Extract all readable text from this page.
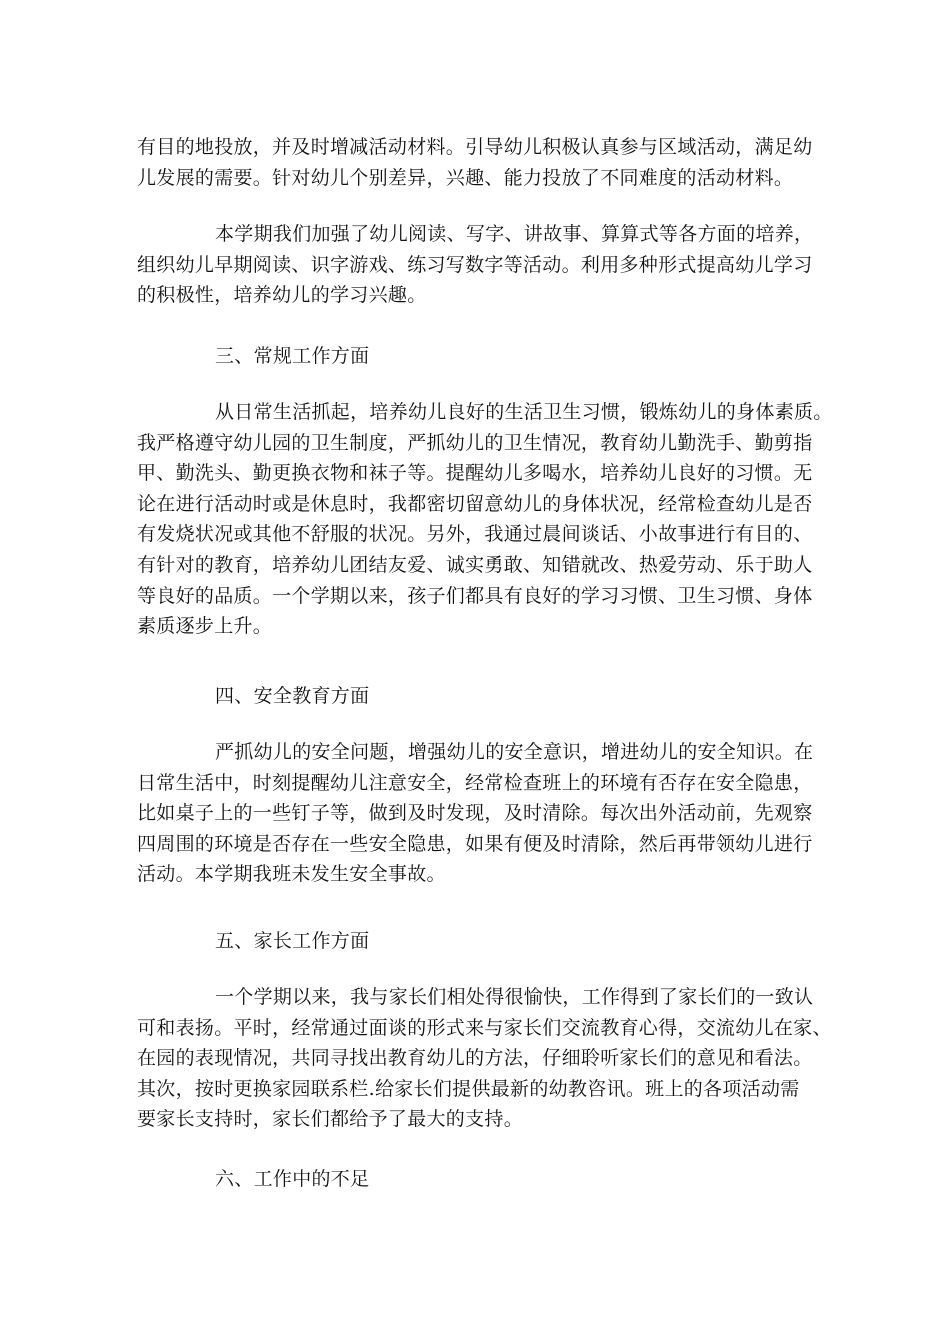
有目的地投放，并及时增减活动材料。引导幼儿积极认真参与区域活动，满足幼
儿发展的需要。针对幼儿个别差异，兴趣、能力投放了不同难度的活动材料。

本学期我们加强了幼儿阅读、写字、讲故事、算算式等各方面的培养，
组织幼儿早期阅读、识字游戏、练习写数字等活动。利用多种形式提高幼儿学习
的积极性，培养幼儿的学习兴趣。

三、常规工作方面

从日常生活抓起，培养幼儿良好的生活卫生习惯，锻炼幼儿的身体素质。
我严格遵守幼儿园的卫生制度，严抓幼儿的卫生情况，教育幼儿勤洗手、勤剪指
甲、勤洗头、勤更换衣物和袜子等。提醒幼儿多喝水，培养幼儿良好的习惯。无
论在进行活动时或是休息时，我都密切留意幼儿的身体状况，经常检查幼儿是否
有发烧状况或其他不舒服的状况。另外，我通过晨间谈话、小故事进行有目的、
有针对的教育，培养幼儿团结友爱、诚实勇敢、知错就改、热爱劳动、乐于助人
等良好的品质。一个学期以来，孩子们都具有良好的学习习惯、卫生习惯、身体
素质逐步上升。

四、安全教育方面

严抓幼儿的安全问题，增强幼儿的安全意识，增进幼儿的安全知识。在
日常生活中，时刻提醒幼儿注意安全，经常检查班上的环境有否存在安全隐患，
比如桌子上的一些钉子等，做到及时发现，及时清除。每次出外活动前，先观察
四周围的环境是否存在一些安全隐患，如果有便及时清除，然后再带领幼儿进行
活动。本学期我班未发生安全事故。

五、家长工作方面

一个学期以来，我与家长们相处得很愉快，工作得到了家长们的一致认
可和表扬。平时，经常通过面谈的形式来与家长们交流教育心得，交流幼儿在家、
在园的表现情况，共同寻找出教育幼儿的方法，仔细聆听家长们的意见和看法。
其次，按时更换家园联系栏.给家长们提供最新的幼教咨讯。班上的各项活动需
要家长支持时，家长们都给予了最大的支持。

六、工作中的不足
